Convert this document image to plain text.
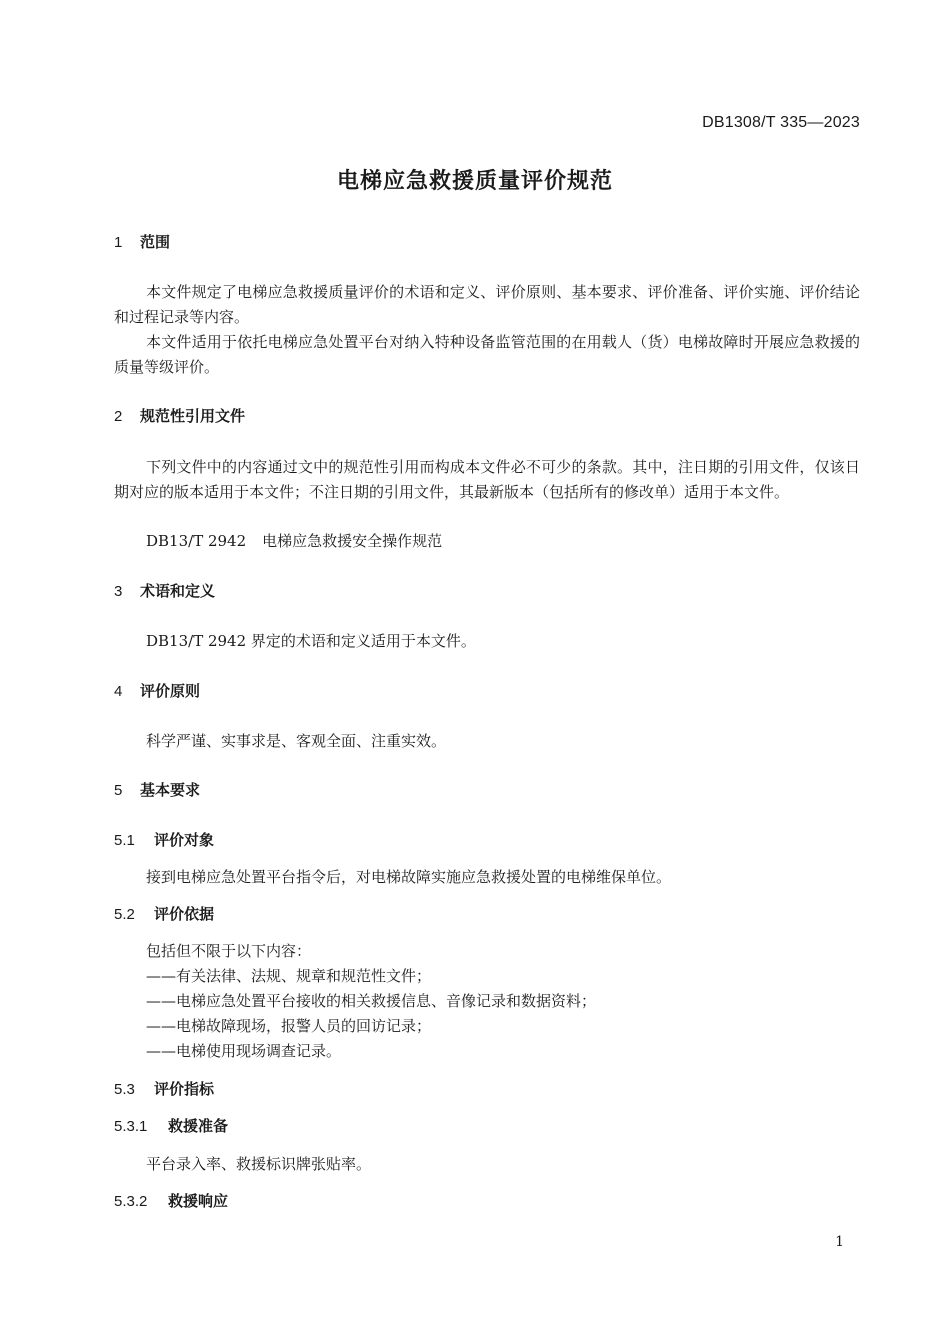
DB1308/T 335—2023
电梯应急救援质量评价规范
1 范围

本文件规定了电梯应急救援质量评价的术语和定义、评价原则、基本要求、评价准备、评价实施、评价结论和过程记录等内容。

本文件适用于依托电梯应急处置平台对纳入特种设备监管范围的在用载人（货）电梯故障时开展应急救援的质量等级评价。

2 规范性引用文件

下列文件中的内容通过文中的规范性引用而构成本文件必不可少的条款。其中，注日期的引用文件，仅该日期对应的版本适用于本文件；不注日期的引用文件，其最新版本（包括所有的修改单）适用于本文件。

DB13/T 2942 电梯应急救援安全操作规范
3 术语和定义
DB13/T 2942 界定的术语和定义适用于本文件。
4 评价原则
科学严谨、实事求是、客观全面、注重实效。
5 基本要求
5.1 评价对象
接到电梯应急处置平台指令后，对电梯故障实施应急救援处置的电梯维保单位。
5.2 评价依据
包括但不限于以下内容：
——有关法律、法规、规章和规范性文件；
——电梯应急处置平台接收的相关救援信息、音像记录和数据资料；
——电梯故障现场，报警人员的回访记录；
——电梯使用现场调查记录。
5.3 评价指标
5.3.1 救援准备
平台录入率、救援标识牌张贴率。
5.3.2 救援响应
1
